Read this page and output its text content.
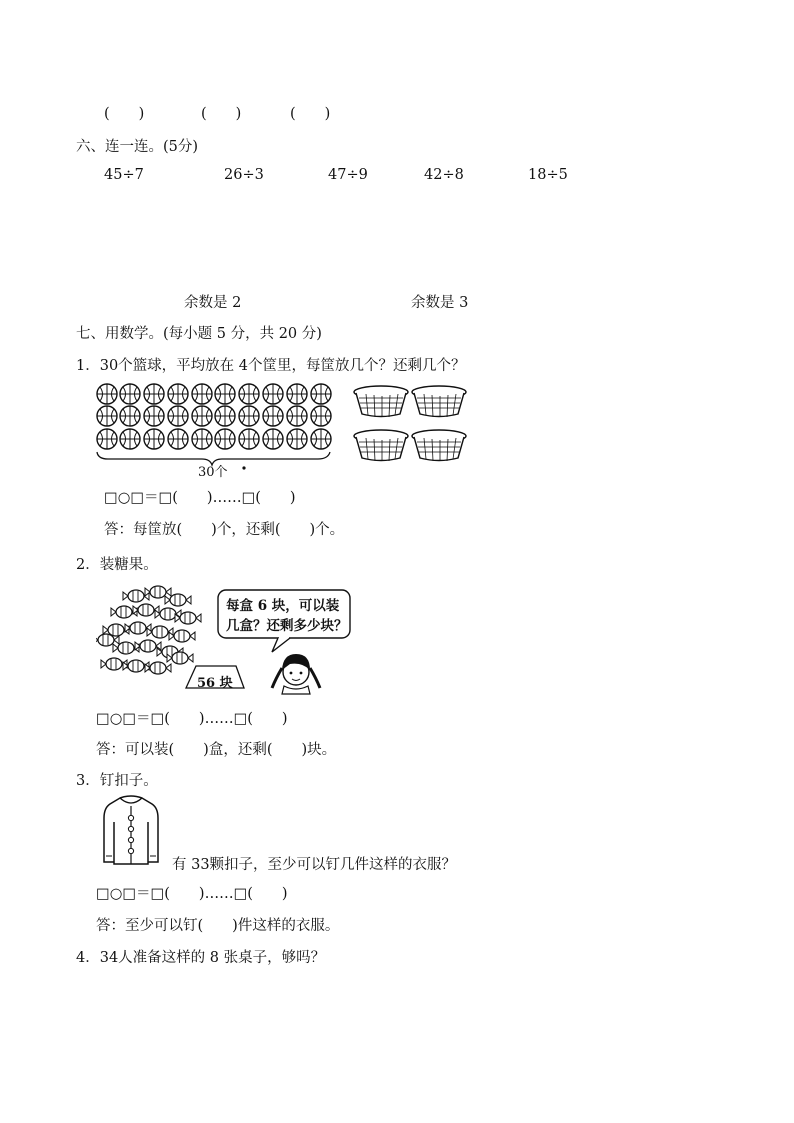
(　　)	(　　)	(　　)
六、连一连。(5分)
45÷7	26÷3	47÷9	42÷8	18÷5
余数是 2	余数是 3
七、用数学。(每小题 5 分，共 20 分)
1．30个篮球，平均放在 4个筐里，每筐放几个？还剩几个？
30个
□○□＝□(　　)……□(　　)
答：每筐放(　　)个，还剩(　　)个。
2．装糖果。
每盒 6 块，可以装
几盒？还剩多少块？
56 块
□○□＝□(　　)……□(　　)
答：可以装(　　)盒，还剩(　　)块。
3．钉扣子。
有 33颗扣子，至少可以钉几件这样的衣服？
□○□＝□(　　)……□(　　)
答：至少可以钉(　　)件这样的衣服。
4．34人准备这样的 8 张桌子，够吗？
